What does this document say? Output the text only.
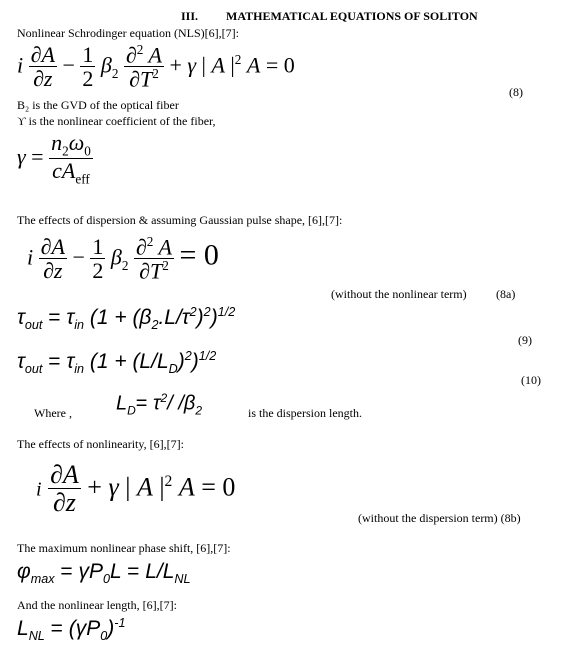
III. MATHEMATICAL EQUATIONS OF SOLITON
Nonlinear Schrodinger equation (NLS)[6],[7]:
i $\frac{\partial A}{\partial z} - \frac{1}{2} \beta_2 \frac{\partial^2 A}{\partial T^2} + \gamma$ | A $|^2$ A = 0
(8)
B₂ is the GVD of the optical fiber
ϒ is the nonlinear coefficient of the fiber,
$\gamma = \frac{n_2\omega_0}{cA_{eff}}$
The effects of dispersion & assuming Gaussian pulse shape, [6],[7]:
i $\frac{\partial A}{\partial z} - \frac{1}{2} \beta_2 \frac{\partial^2 A}{\partial T^2} = 0$
(without the nonlinear term) (8a)
$\tau_{out} = \tau_{in}$ $(1 + (\beta_2.L/\tau^2)^2)^{1/2}$
(9)
$\tau_{out} = \tau_{in}$ $(1 + (L/L_D)^2)^{1/2}$
(10)
Where , $L_D= \tau^2/$ $/\beta_2$	is the dispersion length.
The effects of nonlinearity, [6],[7]:
i $\frac{\partial A}{\partial z} + \gamma$ | A $|^2$ A = 0
(without the dispersion term) (8b)
The maximum nonlinear phase shift, [6],[7]:
$\varphi_{max} = \gamma P_0L = L/L_{NL}$
And the nonlinear length, [6],[7]:
$L_{NL} = (\gamma P_0)^{-1}$
